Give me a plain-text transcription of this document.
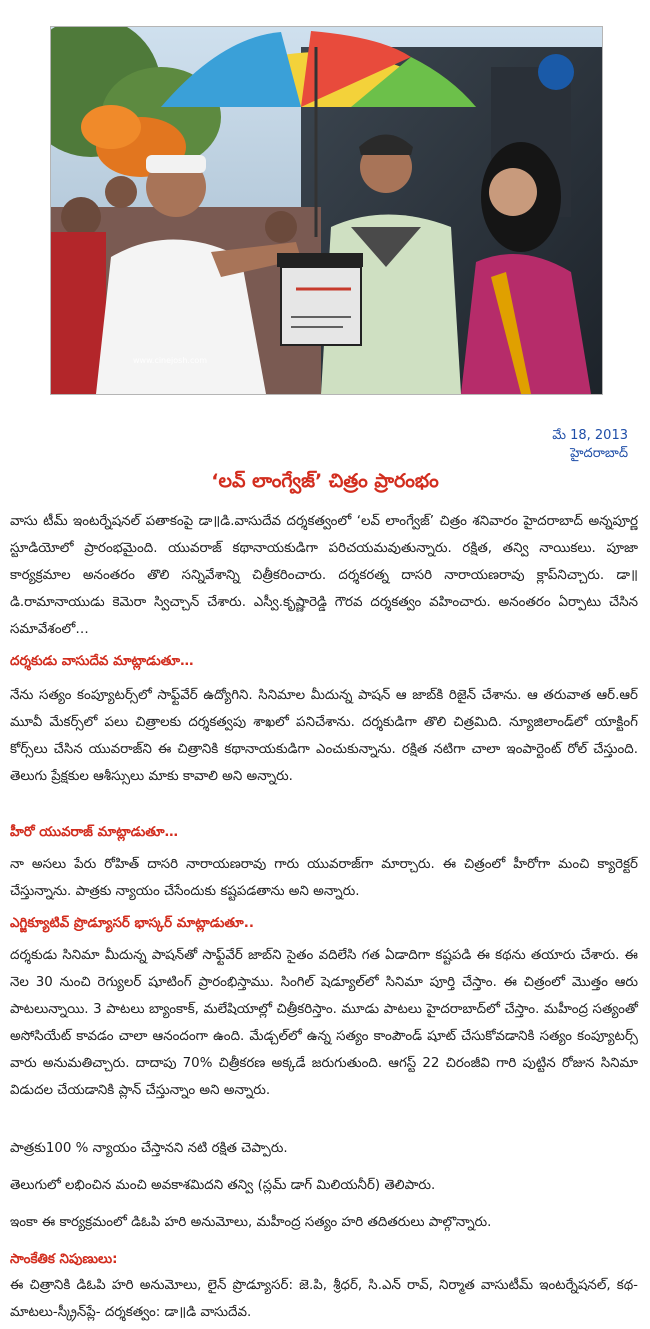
www.cinejosh.com
మే 18, 2013
హైదరాబాద్
‘లవ్ లాంగ్వేజ్’ చిత్రం ప్రారంభం

వాసు టీమ్ ఇంటర్నేషనల్ పతాకంపై డా॥డి.వాసుదేవ దర్శకత్వంలో ‘లవ్ లాంగ్వేజ్’ చిత్రం శనివారం హైదరాబాద్ అన్నపూర్ణ స్టూడియోలో ప్రారంభమైంది. యువరాజ్ కథానాయకుడిగా పరిచయమవుతున్నారు. రక్షిత, తన్వి నాయికలు. పూజా కార్యక్రమాల అనంతరం తొలి సన్నివేశాన్ని చిత్రీకరించారు. దర్శకరత్న దాసరి నారాయణరావు క్లాప్‌నిచ్చారు. డా॥డి.రామానాయుడు కెమెరా స్విచ్చాన్ చేశారు. ఎస్వీ.కృష్ణారెడ్డి గౌరవ దర్శకత్వం వహించారు. అనంతరం ఏర్పాటు చేసిన సమావేశంలో…

దర్శకుడు వాసుదేవ మాట్లాడుతూ…

నేను సత్యం కంప్యూటర్స్‌లో సాఫ్ట్‌వేర్ ఉద్యోగిని. సినిమాల మీదున్న పాషన్ ఆ జాబ్‌కి రిజైన్ చేశాను. ఆ తరువాత ఆర్.ఆర్ మూవీ మేకర్స్‌లో పలు చిత్రాలకు దర్శకత్వపు శాఖలో పనిచేశాను. దర్శకుడిగా తొలి చిత్రమిది. న్యూజిలాండ్‌లో యాక్టింగ్ కోర్స్‌లు చేసిన యువరాజ్‌ని ఈ చిత్రానికి కథానాయకుడిగా ఎంచుకున్నాను. రక్షిత నటిగా చాలా ఇంపార్టెంట్ రోల్ చేస్తుంది. తెలుగు ప్రేక్షకుల ఆశీస్సులు మాకు కావాలి అని అన్నారు.

హీరో యువరాజ్ మాట్లాడుతూ…

నా అసలు పేరు రోహిత్ దాసరి నారాయణరావు గారు యువరాజ్‌గా మార్చారు. ఈ చిత్రంలో హీరోగా మంచి క్యారెక్టర్ చేస్తున్నాను. పాత్రకు న్యాయం చేసేందుకు కష్టపడతాను అని అన్నారు.

ఎగ్జిక్యూటివ్ ప్రొడ్యూసర్ భాస్కర్ మాట్లాడుతూ..

దర్శకుడు సినిమా మీదున్న పాషన్‌తో సాఫ్ట్‌వేర్ జాబ్‌ని సైతం వదిలేసి గత ఏడాదిగా కష్టపడి ఈ కథను తయారు చేశారు. ఈ నెల 30 నుంచి రెగ్యులర్ షూటింగ్ ప్రారంభిస్తాము. సింగిల్ షెడ్యూల్‌లో సినిమా పూర్తి చేస్తాం. ఈ చిత్రంలో మొత్తం ఆరు పాటలున్నాయి. 3 పాటలు బ్యాంకాక్, మలేషియాల్లో చిత్రీకరిస్తాం. మూడు పాటలు హైదరాబాద్‌లో చేస్తాం. మహీంద్ర సత్యంతో అసోసియేట్ కావడం చాలా ఆనందంగా ఉంది. మేడ్చల్‌లో ఉన్న సత్యం కాంపౌండ్ షూట్ చేసుకోవడానికి సత్యం కంప్యూటర్స్ వారు అనుమతిచ్చారు. దాదాపు 70% చిత్రీకరణ అక్కడే జరుగుతుంది. ఆగస్ట్ 22 చిరంజీవి గారి పుట్టిన రోజున సినిమా విడుదల చేయడానికి ప్లాన్ చేస్తున్నాం అని అన్నారు.

పాత్రకు100 % న్యాయం చేస్తానని నటి రక్షిత చెప్పారు.

తెలుగులో లభించిన మంచి అవకాశమిదని తన్వి (స్లమ్ డాగ్ మిలియనీర్) తెలిపారు.

ఇంకా ఈ కార్యక్రమంలో డిఓపి హరి అనుమోలు, మహీంద్ర సత్యం హరి తదితరులు పాల్గొన్నారు.

సాంకేతిక నిపుణులు:

ఈ చిత్రానికి డిఓపి హరి అనుమోలు, లైన్ ప్రొడ్యూసర్: జె.పి, శ్రీధర్, సి.ఎన్ రావ్, నిర్మాత వాసుటీమ్ ఇంటర్నేషనల్, కథ-మాటలు-స్క్రీన్‌ప్లే- దర్శకత్వం: డా॥డి వాసుదేవ.
